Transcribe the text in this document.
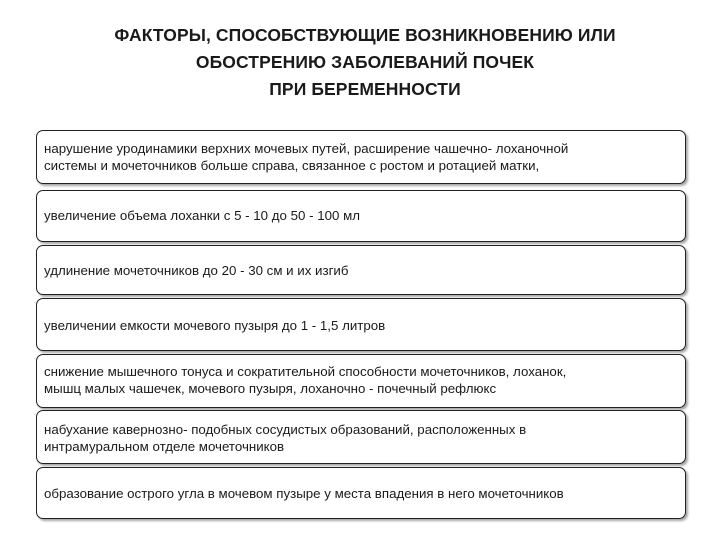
ФАКТОРЫ, СПОСОБСТВУЮЩИЕ ВОЗНИКНОВЕНИЮ ИЛИ
ОБОСТРЕНИЮ ЗАБОЛЕВАНИЙ ПОЧЕК
ПРИ БЕРЕМЕННОСТИ
нарушение уродинамики верхних мочевых путей, расширение чашечно- лоханочной
системы и мочеточников больше справа, связанное с ростом и ротацией матки,
увеличение объема лоханки с 5 - 10 до 50 - 100 мл
удлинение мочеточников до 20 - 30 см и их изгиб
увеличении емкости мочевого пузыря до 1 - 1,5 литров
снижение мышечного тонуса и сократительной способности мочеточников, лоханок,
мышц малых чашечек, мочевого пузыря, лоханочно - почечный рефлюкс
набухание кавернозно- подобных сосудистых образований, расположенных в
интрамуральном отделе мочеточников
образование острого угла в мочевом пузыре у места впадения в него мочеточников
